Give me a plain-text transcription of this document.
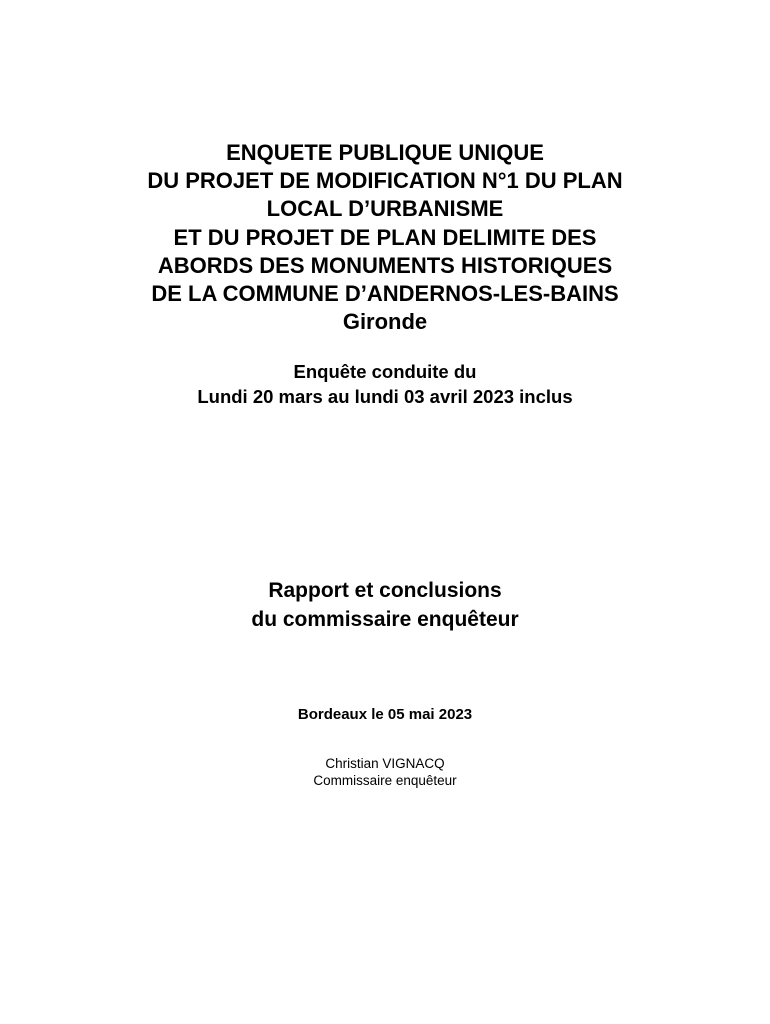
ENQUETE PUBLIQUE UNIQUE
DU PROJET DE MODIFICATION N°1 DU PLAN
LOCAL D’URBANISME
ET DU PROJET DE PLAN DELIMITE DES
ABORDS DES MONUMENTS HISTORIQUES
DE LA COMMUNE D’ANDERNOS-LES-BAINS
Gironde
Enquête conduite du
Lundi 20 mars au lundi 03 avril 2023 inclus
Rapport et conclusions
du commissaire enquêteur
Bordeaux le 05 mai 2023
Christian VIGNACQ
Commissaire enquêteur
